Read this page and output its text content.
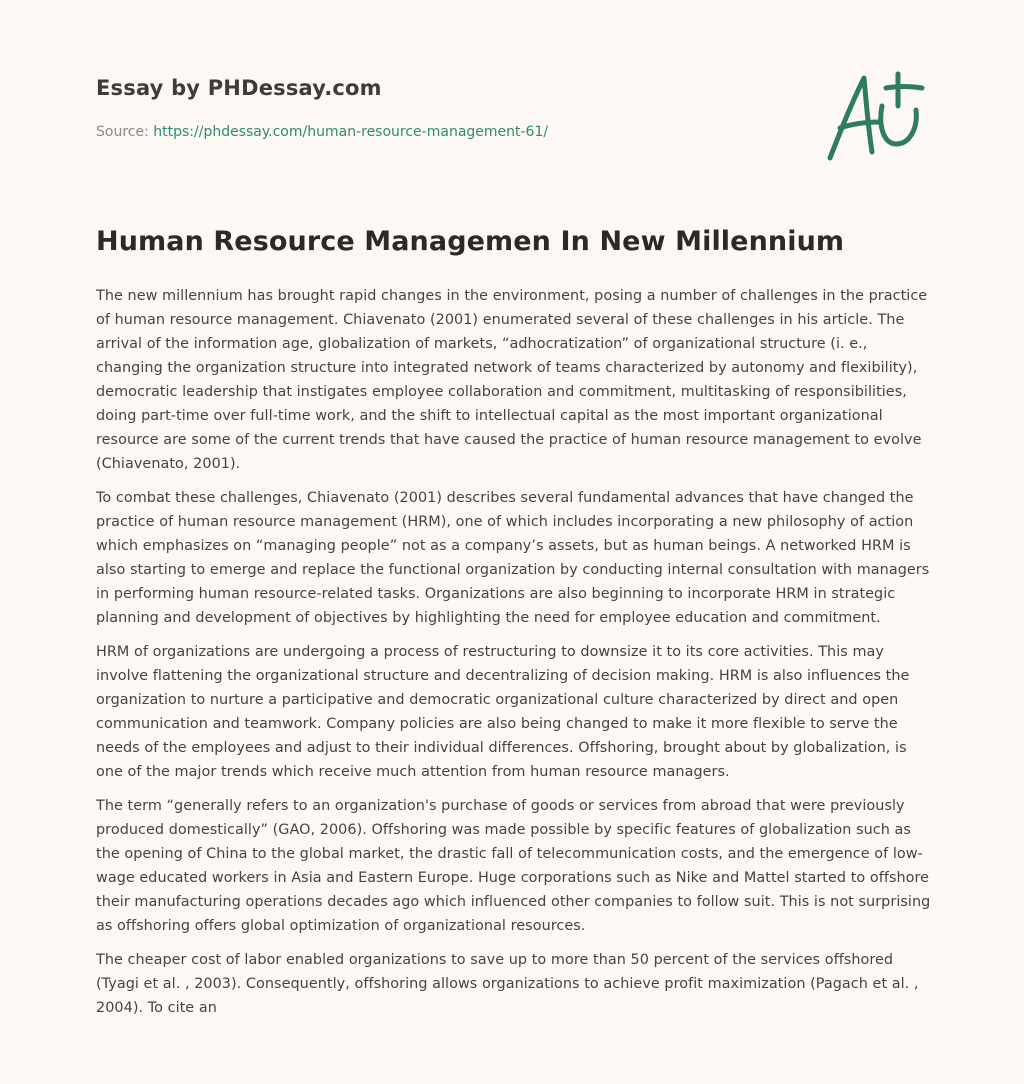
Essay by PHDessay.com

Source: https://phdessay.com/human-resource-management-61/
Human Resource Managemen In New Millennium

The new millennium has brought rapid changes in the environment, posing a number of challenges in the practice of human resource management. Chiavenato (2001) enumerated several of these challenges in his article. The arrival of the information age, globalization of markets, “adhocratization” of organizational structure (i. e., changing the organization structure into integrated network of teams characterized by autonomy and flexibility), democratic leadership that instigates employee collaboration and commitment, multitasking of responsibilities, doing part-time over full-time work, and the shift to intellectual capital as the most important organizational resource are some of the current trends that have caused the practice of human resource management to evolve (Chiavenato, 2001).

To combat these challenges, Chiavenato (2001) describes several fundamental advances that have changed the practice of human resource management (HRM), one of which includes incorporating a new philosophy of action which emphasizes on “managing people” not as a company’s assets, but as human beings. A networked HRM is also starting to emerge and replace the functional organization by conducting internal consultation with managers in performing human resource-related tasks. Organizations are also beginning to incorporate HRM in strategic planning and development of objectives by highlighting the need for employee education and commitment.

HRM of organizations are undergoing a process of restructuring to downsize it to its core activities. This may involve flattening the organizational structure and decentralizing of decision making. HRM is also influences the organization to nurture a participative and democratic organizational culture characterized by direct and open communication and teamwork. Company policies are also being changed to make it more flexible to serve the needs of the employees and adjust to their individual differences. Offshoring, brought about by globalization, is one of the major trends which receive much attention from human resource managers.

The term “generally refers to an organization's purchase of goods or services from abroad that were previously produced domestically” (GAO, 2006). Offshoring was made possible by specific features of globalization such as the opening of China to the global market, the drastic fall of telecommunication costs, and the emergence of low-wage educated workers in Asia and Eastern Europe. Huge corporations such as Nike and Mattel started to offshore their manufacturing operations decades ago which influenced other companies to follow suit. This is not surprising as offshoring offers global optimization of organizational resources.

The cheaper cost of labor enabled organizations to save up to more than 50 percent of the services offshored (Tyagi et al. , 2003). Consequently, offshoring allows organizations to achieve profit maximization (Pagach et al. , 2004). To cite an
